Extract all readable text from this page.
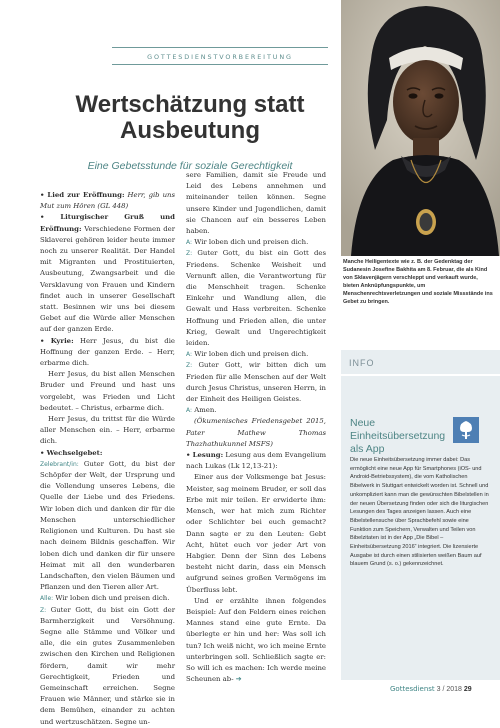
GOTTESDIENSTVORBEREITUNG
Wertschätzung statt
Ausbeutung
Eine Gebetsstunde für soziale Gerechtigkeit

• Lied zur Eröffnung: Herr, gib uns Mut zum Hören (GL 448)

• Liturgischer Gruß und Eröffnung: Verschiedene Formen der Sklaverei gehören leider heute immer noch zu unserer Realität. Der Handel mit Migranten und Prostituierten, Ausbeutung, Zwangsarbeit und die Versklavung von Frauen und Kindern findet auch in unserer Gesellschaft statt. Besinnen wir uns bei diesem Gebet auf die Würde aller Menschen auf der ganzen Erde.

• Kyrie: Herr Jesus, du bist die Hoffnung der ganzen Erde. – Herr, erbarme dich.

Herr Jesus, du bist allen Menschen Bruder und Freund und hast uns vorgelebt, was Frieden und Licht bedeutet. – Christus, erbarme dich.

Herr Jesus, du trittst für die Würde aller Menschen ein. – Herr, erbarme dich.

• Wechselgebet:

Zelebrant/in: Guter Gott, du bist der Schöpfer der Welt, der Ursprung und die Vollendung unseres Lebens, die Quelle der Liebe und des Friedens. Wir loben dich und danken dir für die Menschen unterschiedlicher Religionen und Kulturen. Du hast sie nach deinem Bildnis geschaffen. Wir loben dich und danken dir für unsere Heimat mit all den wunderbaren Landschaften, den vielen Bäumen und Pflanzen und den Tieren aller Art.

Alle: Wir loben dich und preisen dich.

Z: Guter Gott, du bist ein Gott der Barmherzigkeit und Versöhnung. Segne alle Stämme und Völker und alle, die ein gutes Zusammenleben zwischen den Kirchen und Religionen fördern, damit wir mehr Gerechtigkeit, Frieden und Gemeinschaft erreichen. Segne Frauen wie Männer, und stärke sie in dem Bemühen, einander zu achten und wertzuschätzen. Segne un-

sere Familien, damit sie Freude und Leid des Lebens annehmen und miteinander teilen können. Segne unsere Kinder und Jugendlichen, damit sie Chancen auf ein besseres Leben haben.

A: Wir loben dich und preisen dich.

Z: Guter Gott, du bist ein Gott des Friedens. Schenke Weisheit und Vernunft allen, die Verantwortung für die Menschheit tragen. Schenke Einkehr und Wandlung allen, die Gewalt und Hass verbreiten. Schenke Hoffnung und Frieden allen, die unter Krieg, Gewalt und Ungerechtigkeit leiden.

A: Wir loben dich und preisen dich.

Z: Guter Gott, wir bitten dich um Frieden für alle Menschen auf der Welt durch Jesus Christus, unseren Herrn, in der Einheit des Heiligen Geistes.

A: Amen.

(Ökumenisches Friedensgebet 2015, Pater Mathew Thomas Thazhathukunnel MSFS)

• Lesung: Lesung aus dem Evangelium nach Lukas (Lk 12,13-21):

Einer aus der Volksmenge bat Jesus: Meister, sag meinem Bruder, er soll das Erbe mit mir teilen. Er erwiderte ihm: Mensch, wer hat mich zum Richter oder Schlichter bei euch gemacht? Dann sagte er zu den Leuten: Gebt Acht, hütet euch vor jeder Art von Habgier. Denn der Sinn des Lebens besteht nicht darin, dass ein Mensch aufgrund seines großen Vermögens im Überfluss lebt.

Und er erzählte ihnen folgendes Beispiel: Auf den Feldern eines reichen Mannes stand eine gute Ernte. Da überlegte er hin und her: Was soll ich tun? Ich weiß nicht, wo ich meine Ernte unterbringen soll. Schließlich sagte er: So will ich es machen: Ich werde meine Scheunen ab- ➔

Manche Heiligentexte wie z. B. der Gedenktag der Sudanesin Josefine Bakhita am 8. Februar, die als Kind von Sklavenjägern verschleppt und verkauft wurde, bieten Anknüpfungspunkte, um Menschenrechtsverletzungen und soziale Missstände ins Gebet zu bringen.
INFO
Neue Einheitsübersetzung als App
Die neue Einheitsübersetzung immer dabei: Das ermöglicht eine neue App für Smartphones (iOS- und Android-Betriebssystem), die vom Katholischen Bibelwerk in Stuttgart entwickelt worden ist. Schnell und unkompliziert kann man die gewünschten Bibelstellen in der neuen Übersetzung finden oder sich die liturgischen Lesungen des Tages anzeigen lassen. Auch eine Bibelstellensuche über Sprachbefehl sowie eine Funktion zum Speichern, Verwalten und Teilen von Bibelzitaten ist in der App „Die Bibel – Einheitsübersetzung 2016“ integriert. Die lizensierte Ausgabe ist durch einen stilisierten weißen Baum auf blauem Grund (s. o.) gekennzeichnet.
Gottesdienst 3 / 2018 29
